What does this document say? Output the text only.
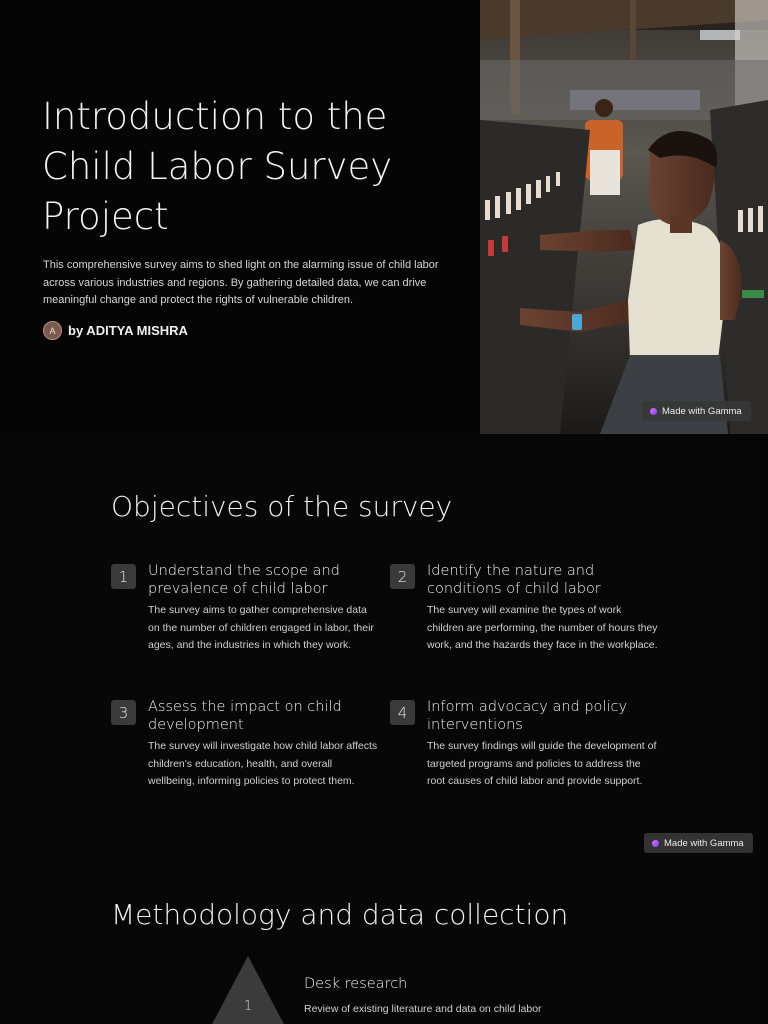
Introduction to the Child Labor Survey Project

This comprehensive survey aims to shed light on the alarming issue of child labor across various industries and regions. By gathering detailed data, we can drive meaningful change and protect the rights of vulnerable children.

A by ADITYA MISHRA
Made with Gamma
Objectives of the survey
1	Understand the scope and prevalence of child labor
The survey aims to gather comprehensive data on the number of children engaged in labor, their ages, and the industries in which they work.
2	Identify the nature and conditions of child labor
The survey will examine the types of work children are performing, the number of hours they work, and the hazards they face in the workplace.
3	Assess the impact on child development
The survey will investigate how child labor affects children's education, health, and overall wellbeing, informing policies to protect them.
4	Inform advocacy and policy interventions
The survey findings will guide the development of targeted programs and policies to address the root causes of child labor and provide support.
Made with Gamma
Methodology and data collection
1
Desk research
Review of existing literature and data on child labor
